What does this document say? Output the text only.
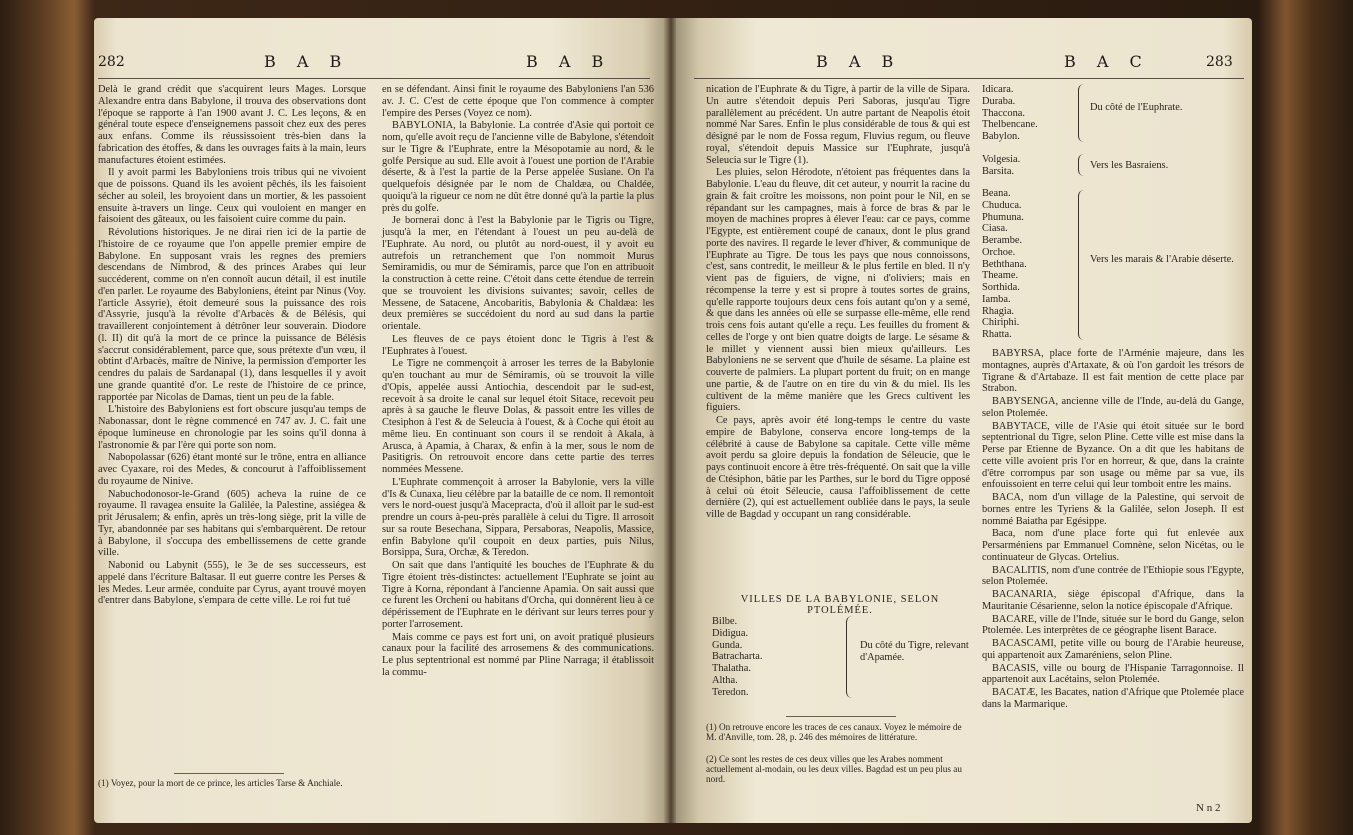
282	B A B	B A B

Delà le grand crédit que s'acquirent leurs Mages. Lorsque Alexandre entra dans Babylone, il trouva des observations dont l'époque se rapporte à l'an 1900 avant J. C. Les leçons, & en général toute espece d'enseignemens passoit chez eux des peres aux enfans. Comme ils réussissoient très-bien dans la fabrication des étoffes, & dans les ouvrages faits à la main, leurs manufactures étoient estimées.

Il y avoit parmi les Babyloniens trois tribus qui ne vivoient que de poissons. Quand ils les avoient pêchés, ils les faisoient sécher au soleil, les broyoient dans un mortier, & les passoient ensuite à-travers un linge. Ceux qui vouloient en manger en faisoient des gâteaux, ou les faisoient cuire comme du pain.

Révolutions historiques. Je ne dirai rien ici de la partie de l'histoire de ce royaume que l'on appelle premier empire de Babylone. En supposant vrais les regnes des premiers descendans de Nimbrod, & des princes Arabes qui leur succéderent, comme on n'en connoît aucun détail, il est inutile d'en parler. Le royaume des Babyloniens, éteint par Ninus (Voy. l'article Assyrie), étoit demeuré sous la puissance des rois d'Assyrie, jusqu'à la révolte d'Arbacès & de Bélésis, qui travaillerent conjointement à détrôner leur souverain. Diodore (l. II) dit qu'à la mort de ce prince la puissance de Bélésis s'accrut considérablement, parce que, sous prétexte d'un vœu, il obtint d'Arbacès, maître de Ninive, la permission d'emporter les cendres du palais de Sardanapal (1), dans lesquelles il y avoit une grande quantité d'or. Le reste de l'histoire de ce prince, rapportée par Nicolas de Damas, tient un peu de la fable.

L'histoire des Babyloniens est fort obscure jusqu'au temps de Nabonassar, dont le règne commencé en 747 av. J. C. fait une époque lumineuse en chronologie par les soins qu'il donna à l'astronomie & par l'ère qui porte son nom.

Nabopolassar (626) étant monté sur le trône, entra en alliance avec Cyaxare, roi des Medes, & concourut à l'affoiblissement du royaume de Ninive.

Nabuchodonosor-le-Grand (605) acheva la ruine de ce royaume. Il ravagea ensuite la Galilée, la Palestine, assiégea & prit Jérusalem; & enfin, après un très-long siège, prit la ville de Tyr, abandonnée par ses habitans qui s'embarquèrent. De retour à Babylone, il s'occupa des embellissemens de cette grande ville.

Nabonid ou Labynit (555), le 3e de ses successeurs, est appelé dans l'écriture Baltasar. Il eut guerre contre les Perses & les Medes. Leur armée, conduite par Cyrus, ayant trouvé moyen d'entrer dans Babylone, s'empara de cette ville. Le roi fut tué

(1) Voyez, pour la mort de ce prince, les articles Tarse & Anchiale.

en se défendant. Ainsi finit le royaume des Babyloniens l'an 536 av. J. C. C'est de cette époque que l'on commence à compter l'empire des Perses (Voyez ce nom).

BABYLONIA, la Babylonie. La contrée d'Asie qui portoit ce nom, qu'elle avoit reçu de l'ancienne ville de Babylone, s'étendoit sur le Tigre & l'Euphrate, entre la Mésopotamie au nord, & le golfe Persique au sud. Elle avoit à l'ouest une portion de l'Arabie déserte, & à l'est la partie de la Perse appelée Susiane. On l'a quelquefois désignée par le nom de Chaldæa, ou Chaldée, quoiqu'à la rigueur ce nom ne dût être donné qu'à la partie la plus près du golfe.

Je bornerai donc à l'est la Babylonie par le Tigris ou Tigre, jusqu'à la mer, en l'étendant à l'ouest un peu au-delà de l'Euphrate. Au nord, ou plutôt au nord-ouest, il y avoit eu autrefois un retranchement que l'on nommoit Murus Semiramidis, ou mur de Sémiramis, parce que l'on en attribuoit la construction à cette reine. C'étoit dans cette étendue de terrein que se trouvoient les divisions suivantes; savoir, celles de Messene, de Satacene, Ancobaritis, Babylonia & Chaldæa: les deux premières se succédoient du nord au sud dans la partie orientale.

Les fleuves de ce pays étoient donc le Tigris à l'est & l'Euphrates à l'ouest.

Le Tigre ne commençoit à arroser les terres de la Babylonie qu'en touchant au mur de Sémiramis, où se trouvoit la ville d'Opis, appelée aussi Antiochia, descendoit par le sud-est, recevoit à sa droite le canal sur lequel étoit Sitace, recevoit peu après à sa gauche le fleuve Dolas, & passoit entre les villes de Ctesiphon à l'est & de Seleucia à l'ouest, & à Coche qui étoit au même lieu. En continuant son cours il se rendoit à Akala, à Arusca, à Apamia, à Charax, & enfin à la mer, sous le nom de Pasitigris. On retrouvoit encore dans cette partie des terres nommées Messene.

L'Euphrate commençoit à arroser la Babylonie, vers la ville d'Is & Cunaxa, lieu célèbre par la bataille de ce nom. Il remontoit vers le nord-ouest jusqu'à Macepracta, d'où il alloit par le sud-est prendre un cours à-peu-près parallèle à celui du Tigre. Il arrosoit sur sa route Besechana, Sippara, Persaboras, Neapolis, Massice, enfin Babylone qu'il coupoit en deux parties, puis Nilus, Borsippa, Sura, Orchæ, & Teredon.

On sait que dans l'antiquité les bouches de l'Euphrate & du Tigre étoient très-distinctes: actuellement l'Euphrate se joint au Tigre à Korna, répondant à l'ancienne Apamia. On sait aussi que ce furent les Orcheni ou habitans d'Orcha, qui donnèrent lieu à ce dépérissement de l'Euphrate en le dérivant sur leurs terres pour y porter l'arrosement.

Mais comme ce pays est fort uni, on avoit pratiqué plusieurs canaux pour la facilité des arrosemens & des communications. Le plus septentrional est nommé par Pline Narraga; il établissoit la commu-

B A B	B A C	283

nication de l'Euphrate & du Tigre, à partir de la ville de Sipara. Un autre s'étendoit depuis Peri Saboras, jusqu'au Tigre parallèlement au précédent. Un autre partant de Neapolis étoit nommé Nar Sares. Enfin le plus considérable de tous & qui est désigné par le nom de Fossa regum, Fluvius regum, ou fleuve royal, s'étendoit depuis Massice sur l'Euphrate, jusqu'à Seleucia sur le Tigre (1).

Les pluies, selon Hérodote, n'étoient pas fréquentes dans la Babylonie. L'eau du fleuve, dit cet auteur, y nourrit la racine du grain & fait croître les moissons, non point pour le Nil, en se répandant sur les campagnes, mais à force de bras & par le moyen de machines propres à élever l'eau: car ce pays, comme l'Egypte, est entièrement coupé de canaux, dont le plus grand porte des navires. Il regarde le lever d'hiver, & communique de l'Euphrate au Tigre. De tous les pays que nous connoissons, c'est, sans contredit, le meilleur & le plus fertile en bled. Il n'y vient pas de figuiers, de vigne, ni d'oliviers; mais en récompense la terre y est si propre à toutes sortes de grains, qu'elle rapporte toujours deux cens fois autant qu'on y a semé, & que dans les années où elle se surpasse elle-même, elle rend trois cens fois autant qu'elle a reçu. Les feuilles du froment & celles de l'orge y ont bien quatre doigts de large. Le sésame & le millet y viennent aussi bien mieux qu'ailleurs. Les Babyloniens ne se servent que d'huile de sésame. La plaine est couverte de palmiers. La plupart portent du fruit; on en mange une partie, & de l'autre on en tire du vin & du miel. Ils les cultivent de la même manière que les Grecs cultivent les figuiers.

Ce pays, après avoir été long-temps le centre du vaste empire de Babylone, conserva encore long-temps de la célébrité à cause de Babylone sa capitale. Cette ville même avoit perdu sa gloire depuis la fondation de Séleucie, que le pays continuoit encore à être très-fréquenté. On sait que la ville de Ctésiphon, bâtie par les Parthes, sur le bord du Tigre opposé à celui où étoit Séleucie, causa l'affoiblissement de cette dernière (2), qui est actuellement oubliée dans le pays, la seule ville de Bagdad y occupant un rang considérable.

VILLES DE LA BABYLONIE, SELON PTOLÉMÉE.
Bilbe.
Didigua.
Gunda.
Batracharta.
Thalatha.
Altha.
Teredon.
Du côté du Tigre, relevant d'Apamée.
(1) On retrouve encore les traces de ces canaux. Voyez le mémoire de M. d'Anville, tom. 28, p. 246 des mémoires de littérature.
(2) Ce sont les restes de ces deux villes que les Arabes nomment actuellement al-modain, ou les deux villes. Bagdad est un peu plus au nord.
Idicara.
Duraba.
Thaccona.
Thelbencane.
Babylon.
Du côté de l'Euphrate.
Volgesia.
Barsita.
Vers les Basraiens.
Beana.
Chuduca.
Phumuna.
Ciasa.
Berambe.
Orchoe.
Beththana.
Theame.
Sorthida.
Iamba.
Rhagia.
Chiriphi.
Rhatta.
Vers les marais & l'Arabie déserte.

BABYRSA, place forte de l'Arménie majeure, dans les montagnes, auprès d'Artaxate, & où l'on gardoit les trésors de Tigrane & d'Artabaze. Il est fait mention de cette place par Strabon.

BABYSENGA, ancienne ville de l'Inde, au-delà du Gange, selon Ptolemée.

BABYTACE, ville de l'Asie qui étoit située sur le bord septentrional du Tigre, selon Pline. Cette ville est mise dans la Perse par Etienne de Byzance. On a dit que les habitans de cette ville avoient pris l'or en horreur, & que, dans la crainte d'être corrompus par son usage ou même par sa vue, ils enfouissoient en terre celui qui leur tomboit entre les mains.

BACA, nom d'un village de la Palestine, qui servoit de bornes entre les Tyriens & la Galilée, selon Joseph. Il est nommé Baiatha par Egésippe.

Baca, nom d'une place forte qui fut enlevée aux Persarméniens par Emmanuel Comnène, selon Nicétas, ou le continuateur de Glycas. Ortelius.

BACALITIS, nom d'une contrée de l'Ethiopie sous l'Egypte, selon Ptolemée.

BACANARIA, siège épiscopal d'Afrique, dans la Mauritanie Césarienne, selon la notice épiscopale d'Afrique.

BACARE, ville de l'Inde, située sur le bord du Gange, selon Ptolemée. Les interprètes de ce géographe lisent Barace.

BACASCAMI, petite ville ou bourg de l'Arabie heureuse, qui appartenoit aux Zamaréniens, selon Pline.

BACASIS, ville ou bourg de l'Hispanie Tarragonnoise. Il appartenoit aux Lacétains, selon Ptolemée.

BACATÆ, les Bacates, nation d'Afrique que Ptolemée place dans la Marmarique.

N n 2
